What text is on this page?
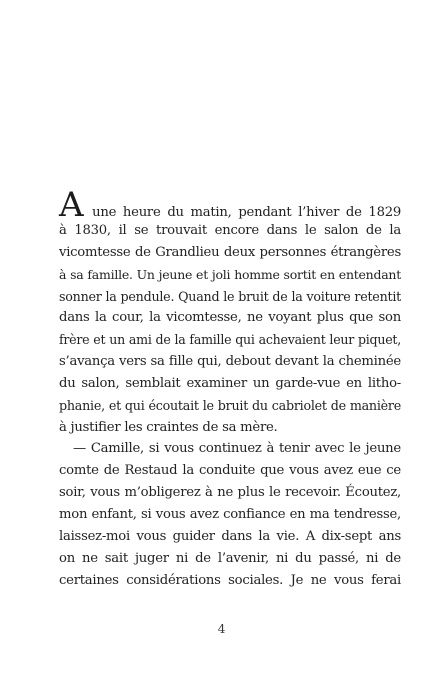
A une heure du matin, pendant l’hiver de 1829
à 1830, il se trouvait encore dans le salon de la
vicomtesse de Grandlieu deux personnes étrangères
à sa famille. Un jeune et joli homme sortit en entendant
sonner la pendule. Quand le bruit de la voiture retentit
dans la cour, la vicomtesse, ne voyant plus que son
frère et un ami de la famille qui achevaient leur piquet,
s’avança vers sa fille qui, debout devant la cheminée
du salon, semblait examiner un garde-vue en litho-
phanie, et qui écoutait le bruit du cabriolet de manière
à justifier les craintes de sa mère.
— Camille, si vous continuez à tenir avec le jeune
comte de Restaud la conduite que vous avez eue ce
soir, vous m’obligerez à ne plus le recevoir. Écoutez,
mon enfant, si vous avez confiance en ma tendresse,
laissez-moi vous guider dans la vie. A dix-sept ans
on ne sait juger ni de l’avenir, ni du passé, ni de
certaines considérations sociales. Je ne vous ferai
4
